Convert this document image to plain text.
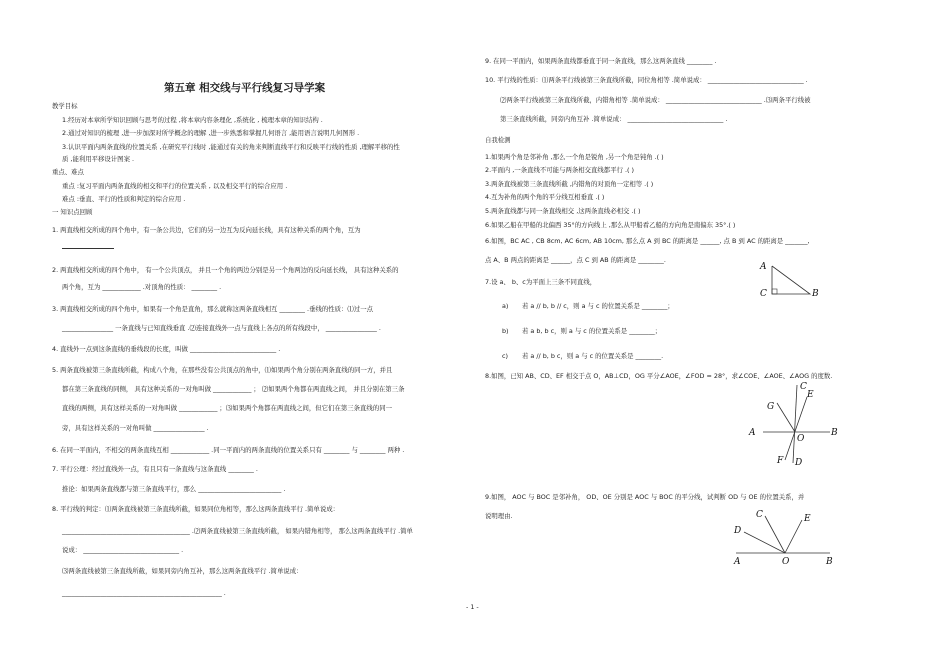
第五章 相交线与平行线复习导学案
教学目标
1.经历对本章所学知识回顾与思考的过程 ,将本章内容条理化 ,系统化 , 梳理本章的知识结构 .
2.通过对知识的梳理 ,进一步加深对所学概念的理解 ,进一步熟悉和掌握几何语言 ,能用语言说明几何图形 .
3.认识平面内两条直线的位置关系 ,在研究平行线时 ,能通过有关的角来判断直线平行和反映平行线的性质 ,理解平移的性
质 ,能利用平移设计图案 .
重点、难点
重点 :复习平面内两条直线的相交和平行的位置关系 , 以及相交平行的综合应用 .
难点 :垂直、平行的性质和判定的综合应用 .
一 知识点回顾
1. 两直线相交所成的四个角中，有一条公共边，它们的另一边互为反向延长线，具有这种关系的两个角，互为
2. 两直线相交所成的四个角中， 有一个公共顶点， 并且一个角的两边分别是另一个角两边的反向延长线， 具有这种关系的
两个角，互为 ____________ .对顶角的性质： ________ .
3. 两直线相交所成的四个角中，如果有一个角是直角，那么就称这两条直线相互 ________ .垂线的性质：⑴过一点
________________ 一条直线与已知直线垂直 .⑵连接直线外一点与直线上各点的所有线段中， ________________ .
4. 直线外一点到这条直线的垂线段的长度，叫做 ___________________________ .
5. 两条直线被第三条直线所截，构成八个角，在那些没有公共顶点的角中，⑴如果两个角分别在两条直线的同一方，并且
都在第三条直线的同侧， 具有这种关系的一对角叫做 ____________ ； ⑵如果两个角都在两直线之间， 并且分别在第三条
直线的两侧，具有这样关系的一对角叫做 ____________ ；⑶如果两个角都在两直线之间，但它们在第三条直线的同一
旁，具有这样关系的一对角叫做 ________________ .
6. 在同一平面内，不相交的两条直线互相 ____________ .同一平面内的两条直线的位置关系只有 ________ 与 ________ 两种 .
7. 平行公理：经过直线外一点，有且只有一条直线与这条直线 ________ .
推论：如果两条直线都与第三条直线平行，那么 __________________________ .
8. 平行线的判定：⑴两条直线被第三条直线所截，如果同位角相等，那么这两条直线平行 .简单说成：
________________________________________ .⑵两条直线被第三条直线所截， 如果内错角相等， 那么这两条直线平行 .简单
说成： ______________________________ .
⑶两条直线被第三条直线所截，如果同旁内角互补，那么这两条直线平行 .简单说成：
__________________________________________________ .
9. 在同一平面内，如果两条直线都垂直于同一条直线，那么这两条直线 ________ .
10. 平行线的性质：⑴两条平行线被第三条直线所截，同位角相等 .简单说成： ______________________________ .
⑵两条平行线被第三条直线所截，内错角相等 .简单说成： ______________________________ .⑶两条平行线被
第三条直线所截，同旁内角互补 .简单说成： ______________________________ .
自我检测
1.如果两个角是邻补角 ,那么一个角是锐角 ,另一个角是钝角 .( )
2.平面内 ,一条直线不可能与两条相交直线都平行 .( )
3.两条直线被第三条直线所截 ,内错角的对顶角一定相等 .( )
4.互为补角的两个角的平分线互相垂直 .( )
5.两条直线都与同一条直线相交 ,这两条直线必相交 .( )
6.如果乙船在甲船的北偏西 35°的方向线上 ,那么从甲船看乙船的方向角是南偏东 35°.( )
6.如图，BC AC , CB 8cm, AC 6cm, AB 10cm, 那么点 A 到 BC 的距离是 ______, 点 B 到 AC 的距离是 _______,
点 A、B 两点的距离是 ______，点 C 到 AB 的距离是 ________.
7.设 a、 b、c为平面上三条不同直线，
a) 若 a // b, b // c，则 a 与 c 的位置关系是 ________；
b) 若 a b, b c，则 a 与 c 的位置关系是 ________；
c) 若 a // b, b c，则 a 与 c 的位置关系是 ________.
8.如图，已知 AB、CD、EF 相交于点 O，AB⊥CD，OG 平分∠AOE，∠FOD = 28°，求∠COE、∠AOE、∠AOG 的度数.
9.如图， AOC 与 BOC 是邻补角， OD、OE 分别是 AOC 与 BOC 的平分线，试判断 OD 与 OE 的位置关系，并
说明理由.
A
B
C
G
E
A
O
B
F D
C
C	E
D
A	O	B
- 1 -
